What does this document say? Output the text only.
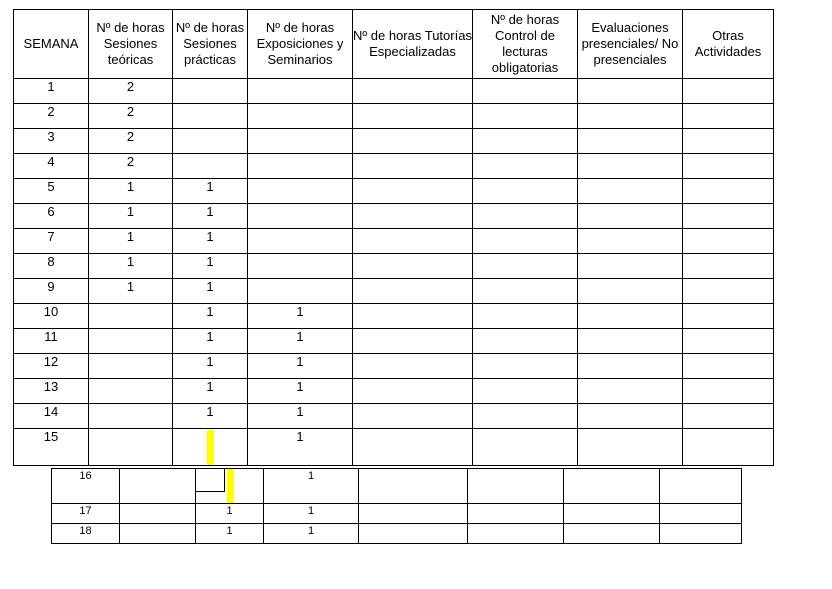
SEMANA	Nº de horas Sesiones teóricas	Nº de horas Sesiones prácticas	Nº de horas Exposiciones y Seminarios	Nº de horas Tutorías Especializadas	Nº de horas Control de lecturas obligatorias	Evaluaciones presenciales/ No presenciales	Otras Actividades
1	2						
2	2						
3	2						
4	2						
5	1	1					
6	1	1					
7	1	1					
8	1	1					
9	1	1					
10		1	1				
11		1	1				
12		1	1				
13		1	1				
14		1	1				
15			1				
16			1				
17		1	1				
18		1	1				
